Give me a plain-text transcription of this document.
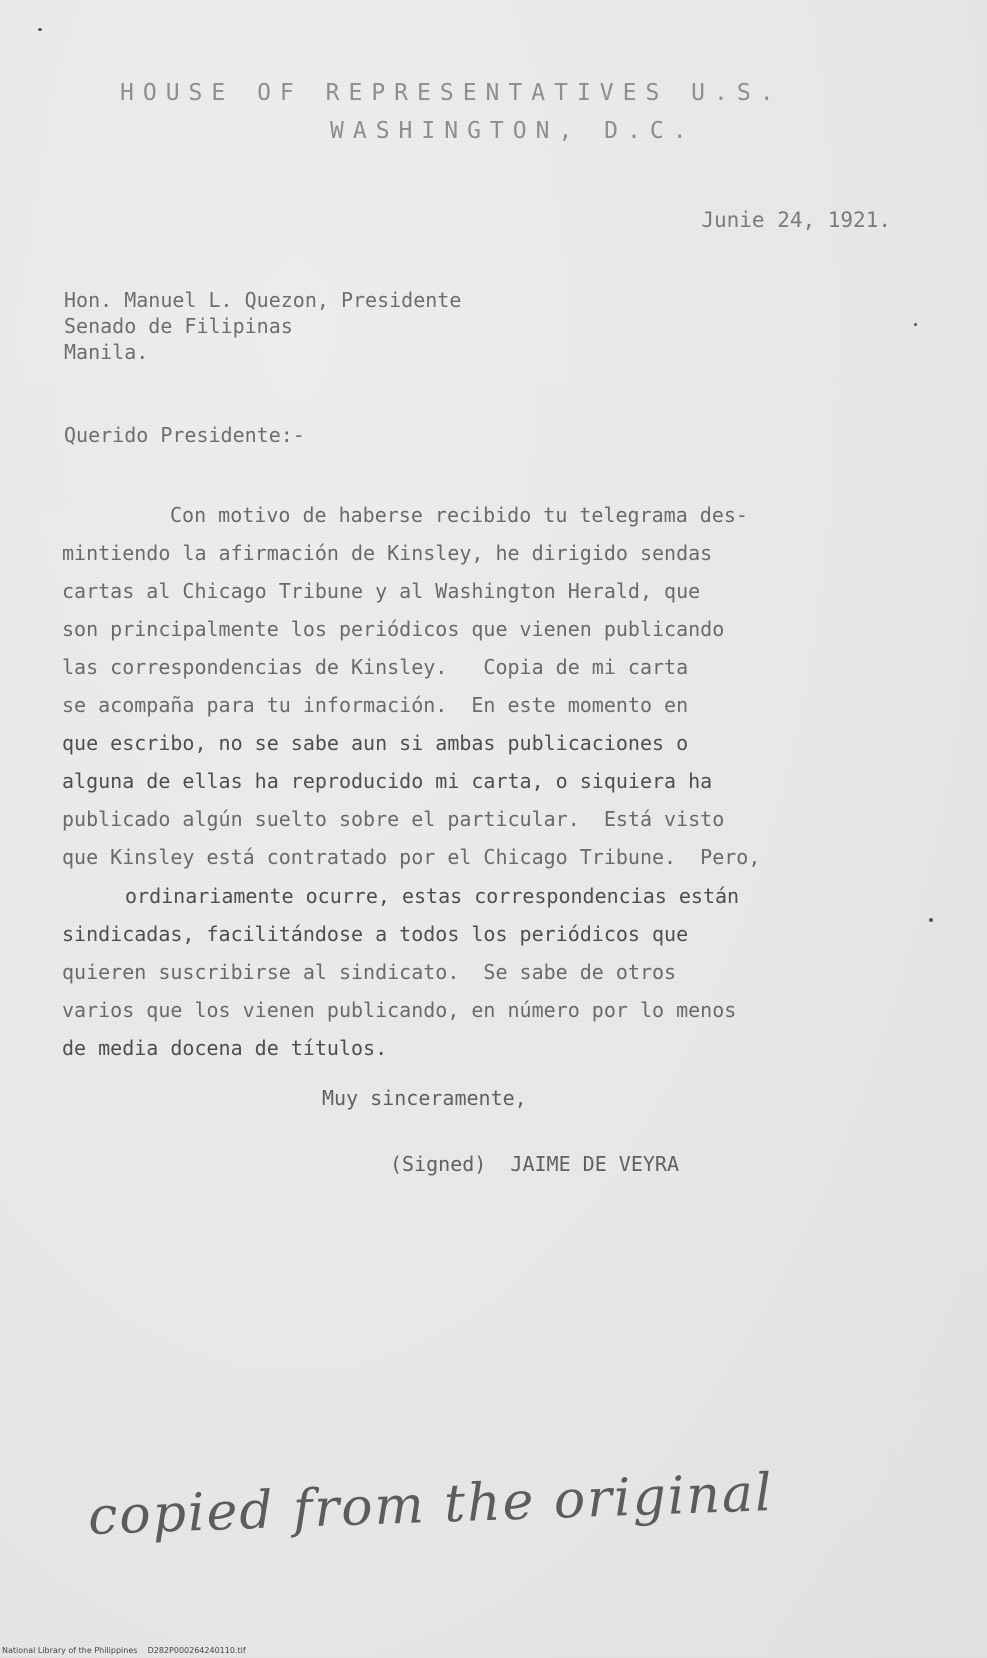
HOUSE OF REPRESENTATIVES U.S.
WASHINGTON, D.C.
Junie 24, 1921.
Hon. Manuel L. Quezon, Presidente
Senado de Filipinas
Manila.
Querido Presidente:-
Con motivo de haberse recibido tu telegrama des-
mintiendo la afirmación de Kinsley, he dirigido sendas
cartas al Chicago Tribune y al Washington Herald, que
son principalmente los periódicos que vienen publicando
las correspondencias de Kinsley.   Copia de mi carta
se acompaña para tu información.  En este momento en
que escribo, no se sabe aun si ambas publicaciones o
alguna de ellas ha reproducido mi carta, o siquiera ha
publicado algún suelto sobre el particular.  Está visto
que Kinsley está contratado por el Chicago Tribune.  Pero,
ordinariamente ocurre, estas correspondencias están
sindicadas, facilitándose a todos los periódicos que
quieren suscribirse al sindicato.  Se sabe de otros
varios que los vienen publicando, en número por lo menos
de media docena de títulos.
Muy sinceramente,
(Signed)  JAIME DE VEYRA
copied from the original
National Library of the Philippines    D282P000264240110.tif
